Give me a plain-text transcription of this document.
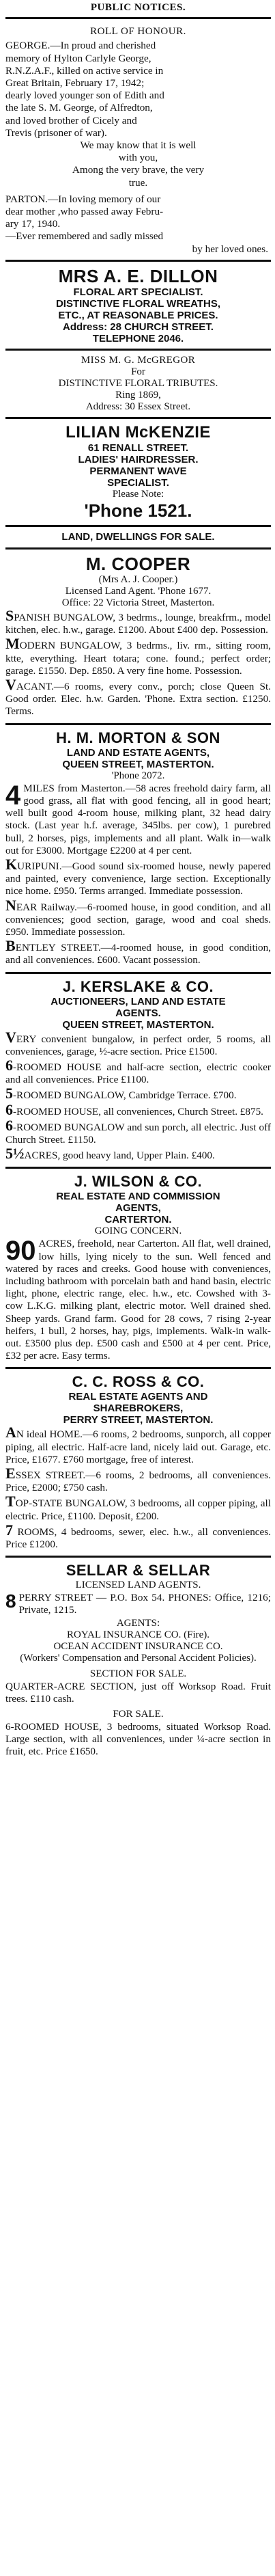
PUBLIC NOTICES.
ROLL OF HONOUR.
GEORGE.—In proud and cherished
memory of Hylton Carlyle George,
R.N.Z.A.F., killed on active service in
Great Britain, February 17, 1942;
dearly loved younger son of Edith and
the late S. M. George, of Alfredton,
and loved brother of Cicely and
Trevis (prisoner of war).
We may know that it is well
with you,
Among the very brave, the very
true.
PARTON.—In loving memory of our
dear mother ,who passed away Febru-
ary 17, 1940.
—Ever remembered and sadly missed
by her loved ones.
MRS A. E. DILLON
FLORAL ART SPECIALIST.
DISTINCTIVE FLORAL WREATHS,
ETC., AT REASONABLE PRICES.
Address: 28 CHURCH STREET.
TELEPHONE 2046.
MISS M. G. McGREGOR
For
DISTINCTIVE FLORAL TRIBUTES.
Ring 1869,
Address: 30 Essex Street.
LILIAN McKENZIE
61 RENALL STREET.
LADIES' HAIRDRESSER.
PERMANENT WAVE
SPECIALIST.
Please Note:
'Phone 1521.
LAND, DWELLINGS FOR SALE.
M. COOPER
(Mrs A. J. Cooper.)
Licensed Land Agent. 'Phone 1677.
Office: 22 Victoria Street, Masterton.

SPANISH BUNGALOW, 3 bedrms., lounge, breakfrm., model kitchen, elec. h.w., garage. £1200. About £400 dep. Possession.

MODERN BUNGALOW, 3 bedrms., liv. rm., sitting room, ktte, everything. Heart totara; cone. found.; perfect order; garage. £1550. Dep. £850. A very fine home. Possession.

VACANT.—6 rooms, every conv., porch; close Queen St. Good order. Elec. h.w. Garden. 'Phone. Extra section. £1250. Terms.

H. M. MORTON & SON
LAND AND ESTATE AGENTS,
QUEEN STREET, MASTERTON.
'Phone 2072.

4 MILES from Masterton.—58 acres freehold dairy farm, all good grass, all flat with good fencing, all in good heart; well built good 4-room house, milking plant, 32 head dairy stock. (Last year h.f. average, 345lbs. per cow), 1 purebred bull, 2 horses, pigs, implements and all plant. Walk in—walk out for £3000. Mortgage £2200 at 4 per cent.

KURIPUNI.—Good sound six-roomed house, newly papered and painted, every convenience, large section. Exceptionally nice home. £950. Terms arranged. Immediate possession.

NEAR Railway.—6-roomed house, in good condition, and all conveniences; good section, garage, wood and coal sheds. £950. Immediate possession.

BENTLEY STREET.—4-roomed house, in good condition, and all conveniences. £600. Vacant possession.

J. KERSLAKE & CO.
AUCTIONEERS, LAND AND ESTATE
AGENTS.
QUEEN STREET, MASTERTON.

VERY convenient bungalow, in perfect order, 5 rooms, all conveniences, garage, ½-acre section. Price £1500.

6-ROOMED HOUSE and half-acre section, electric cooker and all conveniences. Price £1100.

5-ROOMED BUNGALOW, Cambridge Terrace. £700.

6-ROOMED HOUSE, all conveniences, Church Street. £875.

6-ROOMED BUNGALOW and sun porch, all electric. Just off Church Street. £1150.

5½ACRES, good heavy land, Upper Plain. £400.

J. WILSON & CO.
REAL ESTATE AND COMMISSION
AGENTS,
CARTERTON.
GOING CONCERN.

90 ACRES, freehold, near Carterton. All flat, well drained, low hills, lying nicely to the sun. Well fenced and watered by races and creeks. Good house with conveniences, including bathroom with porcelain bath and hand basin, electric light, phone, electric range, elec. h.w., etc. Cowshed with 3-cow L.K.G. milking plant, electric motor. Well drained shed. Sheep yards. Grand farm. Good for 28 cows, 7 rising 2-year heifers, 1 bull, 2 horses, hay, pigs, implements. Walk-in walk-out. £3500 plus dep. £500 cash and £500 at 4 per cent. Price, £32 per acre. Easy terms.

C. C. ROSS & CO.
REAL ESTATE AGENTS AND
SHAREBROKERS,
PERRY STREET, MASTERTON.

AN ideal HOME.—6 rooms, 2 bedrooms, sunporch, all copper piping, all electric. Half-acre land, nicely laid out. Garage, etc. Price, £1677. £760 mortgage, free of interest.

ESSEX STREET.—6 rooms, 2 bedrooms, all conveniences. Price, £2000; £750 cash.

TOP-STATE BUNGALOW, 3 bedrooms, all copper piping, all electric. Price, £1100. Deposit, £200.

7 ROOMS, 4 bedrooms, sewer, elec. h.w., all conveniences. Price £1200.

SELLAR & SELLAR
LICENSED LAND AGENTS.

8 PERRY STREET — P.O. Box 54. PHONES: Office, 1216; Private, 1215.

AGENTS:
ROYAL INSURANCE CO. (Fire).
OCEAN ACCIDENT INSURANCE CO.
(Workers' Compensation and Personal Accident Policies).
SECTION FOR SALE.

QUARTER-ACRE SECTION, just off Worksop Road. Fruit trees. £110 cash.

FOR SALE.

6-ROOMED HOUSE, 3 bedrooms, situated Worksop Road. Large section, with all conveniences, under ¼-acre section in fruit, etc. Price £1650.
